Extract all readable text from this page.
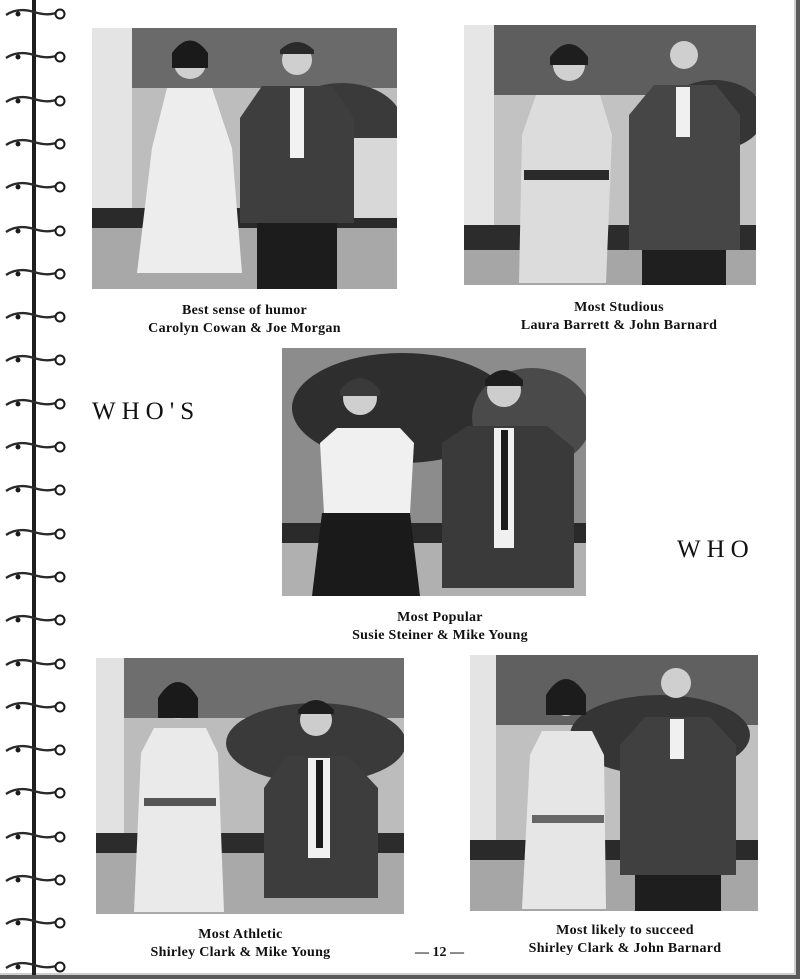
Best sense of humor
Carolyn Cowan & Joe Morgan
Most Studious
Laura Barrett & John Barnard
WHO'S
WHO
Most Popular
Susie Steiner & Mike Young
Most Athletic
Shirley Clark & Mike Young
Most likely to succeed
Shirley Clark & John Barnard
— 12 —
